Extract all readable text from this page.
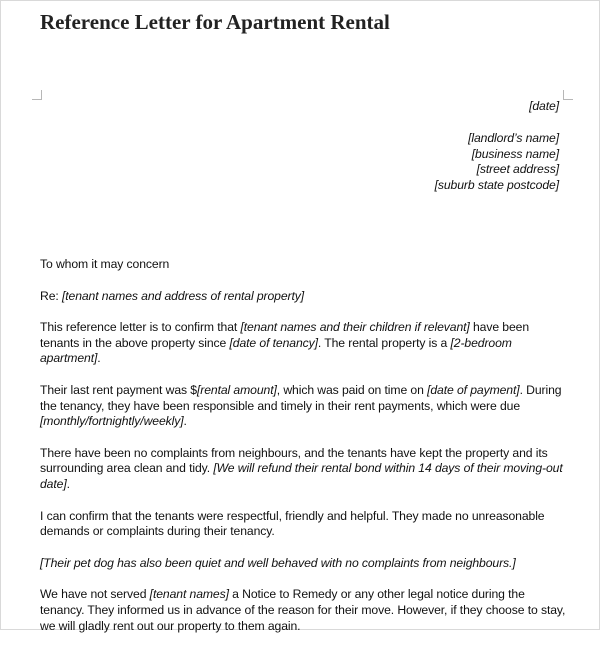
Reference Letter for Apartment Rental
[date]
[landlord’s name]
[business name]
[street address]
[suburb state postcode]

To whom it may concern

Re: [tenant names and address of rental property]

This reference letter is to confirm that [tenant names and their children if relevant] have been tenants in the above property since [date of tenancy]. The rental property is a [2-bedroom apartment].

Their last rent payment was $[rental amount], which was paid on time on [date of payment]. During the tenancy, they have been responsible and timely in their rent payments, which were due [monthly/fortnightly/weekly].

There have been no complaints from neighbours, and the tenants have kept the property and its surrounding area clean and tidy. [We will refund their rental bond within 14 days of their moving-out date].

I can confirm that the tenants were respectful, friendly and helpful. They made no unreasonable demands or complaints during their tenancy.

[Their pet dog has also been quiet and well behaved with no complaints from neighbours.]

We have not served [tenant names] a Notice to Remedy or any other legal notice during the tenancy. They informed us in advance of the reason for their move. However, if they choose to stay, we will gladly rent out our property to them again.
